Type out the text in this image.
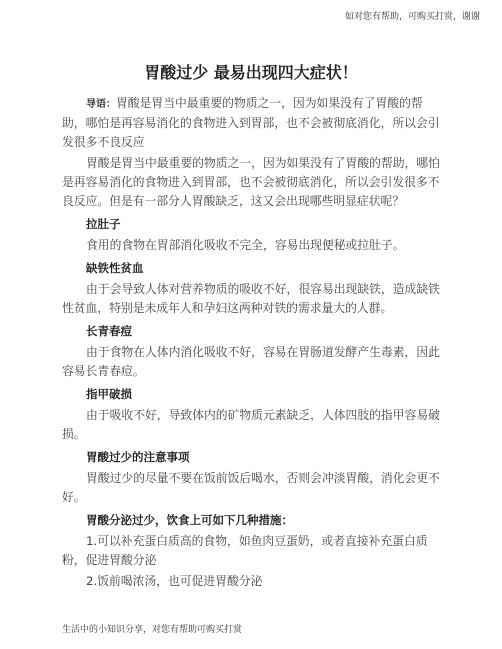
如对您有帮助，可购买打赏，谢谢
胃酸过少 最易出现四大症状！

导语：胃酸是胃当中最重要的物质之一，因为如果没有了胃酸的帮助，哪怕是再容易消化的食物进入到胃部，也不会被彻底消化，所以会引发很多不良反应

胃酸是胃当中最重要的物质之一，因为如果没有了胃酸的帮助，哪怕是再容易消化的食物进入到胃部，也不会被彻底消化，所以会引发很多不良反应。但是有一部分人胃酸缺乏，这又会出现哪些明显症状呢？

拉肚子

食用的食物在胃部消化吸收不完全，容易出现便秘或拉肚子。

缺铁性贫血

由于会导致人体对营养物质的吸收不好，很容易出现缺铁，造成缺铁性贫血，特别是未成年人和孕妇这两种对铁的需求量大的人群。

长青春痘

由于食物在人体内消化吸收不好，容易在胃肠道发酵产生毒素，因此容易长青春痘。

指甲破损

由于吸收不好，导致体内的矿物质元素缺乏，人体四肢的指甲容易破损。

胃酸过少的注意事项

胃酸过少的尽量不要在饭前饭后喝水，否则会冲淡胃酸，消化会更不好。

胃酸分泌过少，饮食上可如下几种措施：

1.可以补充蛋白质高的食物，如鱼肉豆蛋奶，或者直接补充蛋白质粉，促进胃酸分泌

2.饭前喝浓汤，也可促进胃酸分泌

生活中的小知识分享，对您有帮助可购买打赏
